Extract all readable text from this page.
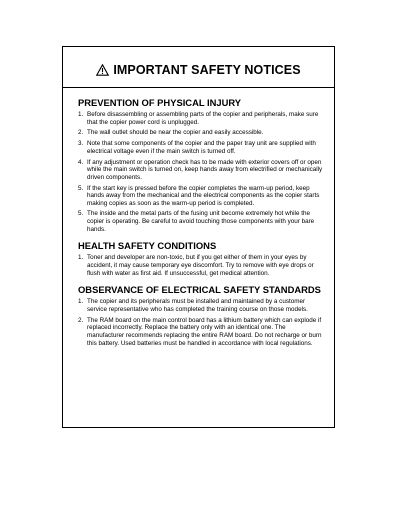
IMPORTANT SAFETY NOTICES
PREVENTION OF PHYSICAL INJURY
1. Before disassembling or assembling parts of the copier and peripherals, make sure that the copier power cord is unplugged.
2. The wall outlet should be near the copier and easily accessible.
3. Note that some components of the copier and the paper tray unit are supplied with electrical voltage even if the main switch is turned off.
4. If any adjustment or operation check has to be made with exterior covers off or open while the main switch is turned on, keep hands away from electrified or mechanically driven components.
5. If the start key is pressed before the copier completes the warm-up period, keep hands away from the mechanical and the electrical components as the copier starts making copies as soon as the warm-up period is completed.
5. The inside and the metal parts of the fusing unit become extremely hot while the copier is operating. Be careful to avoid touching those components with your bare hands.
HEALTH SAFETY CONDITIONS
1. Toner and developer are non-toxic, but if you get either of them in your eyes by accident, it may cause temporary eye discomfort. Try to remove with eye drops or flush with water as first aid. If unsuccessful, get medical attention.
OBSERVANCE OF ELECTRICAL SAFETY STANDARDS
1. The copier and its peripherals must be installed and maintained by a customer service representative who has completed the training course on those models.
2. The RAM board on the main control board has a lithium battery which can explode if replaced incorrectly. Replace the battery only with an identical one. The manufacturer recommends replacing the entire RAM board. Do not recharge or burn this battery. Used batteries must be handled in accordance with local regulations.
